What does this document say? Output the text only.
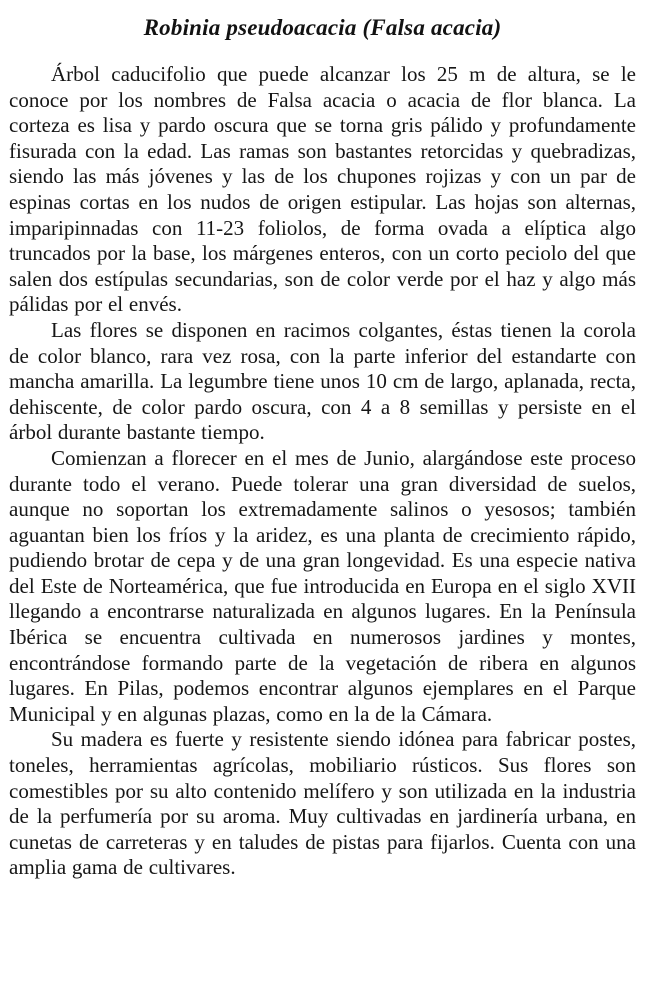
Robinia pseudoacacia (Falsa acacia)

Árbol caducifolio que puede alcanzar los 25 m de altura, se le conoce por los nombres de Falsa acacia o acacia de flor blanca. La corteza es lisa y pardo oscura que se torna gris pálido y profundamente fisurada con la edad. Las ramas son bastantes retorcidas y quebradizas, siendo las más jóvenes y las de los chupones rojizas y con un par de espinas cortas en los nudos de origen estipular. Las hojas son alternas, imparipinnadas con 11-23 foliolos, de forma ovada a elíptica algo truncados por la base, los márgenes enteros, con un corto peciolo del que salen dos estípulas secundarias, son de color verde por el haz y algo más pálidas por el envés.

Las flores se disponen en racimos colgantes, éstas tienen la corola de color blanco, rara vez rosa, con la parte inferior del estandarte con mancha amarilla. La legumbre tiene unos 10 cm de largo, aplanada, recta, dehiscente, de color pardo oscura, con 4 a 8 semillas y persiste en el árbol durante bastante tiempo.

Comienzan a florecer en el mes de Junio, alargándose este proceso durante todo el verano. Puede tolerar una gran diversidad de suelos, aunque no soportan los extremadamente salinos o yesosos; también aguantan bien los fríos y la aridez, es una planta de crecimiento rápido, pudiendo brotar de cepa y de una gran longevidad. Es una especie nativa del Este de Norteamérica, que fue introducida en Europa en el siglo XVII llegando a encontrarse naturalizada en algunos lugares. En la Península Ibérica se encuentra cultivada en numerosos jardines y montes, encontrándose formando parte de la vegetación de ribera en algunos lugares. En Pilas, podemos encontrar algunos ejemplares en el Parque Municipal y en algunas plazas, como en la de la Cámara.

Su madera es fuerte y resistente siendo idónea para fabricar postes, toneles, herramientas agrícolas, mobiliario rústicos. Sus flores son comestibles por su alto contenido melífero y son utilizada en la industria de la perfumería por su aroma. Muy cultivadas en jardinería urbana, en cunetas de carreteras y en taludes de pistas para fijarlos. Cuenta con una amplia gama de cultivares.
